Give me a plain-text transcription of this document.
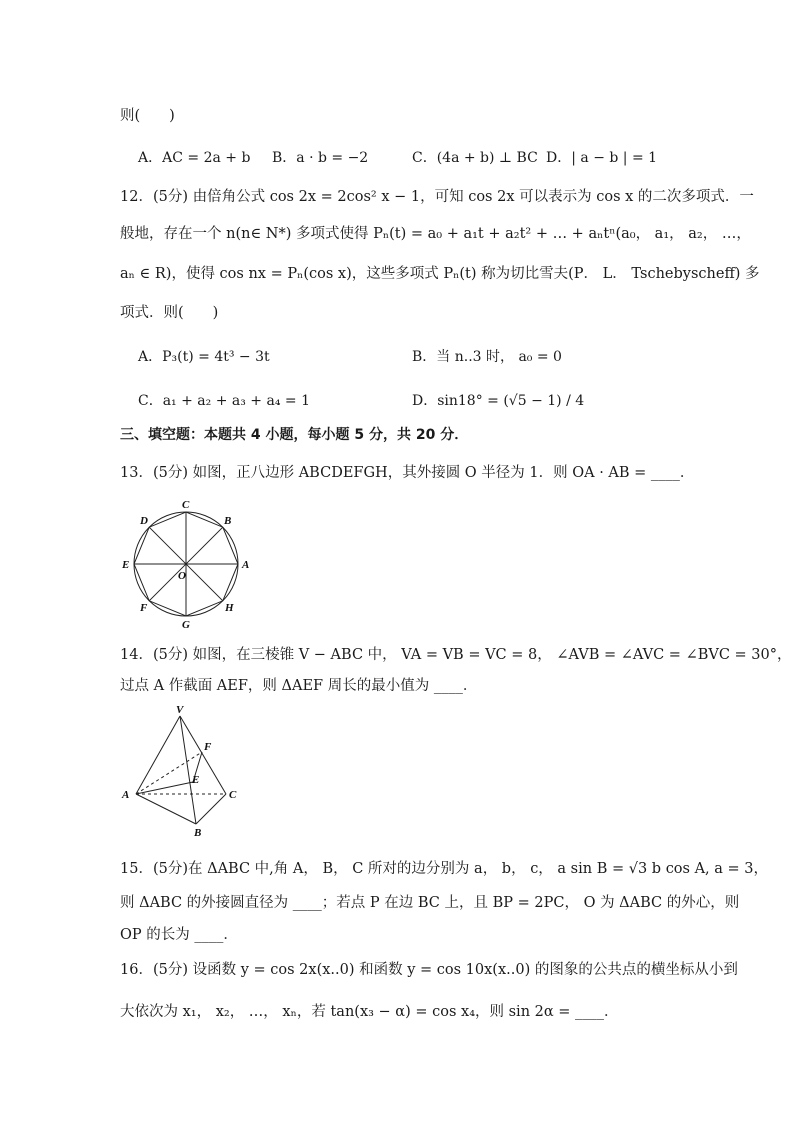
则(　　)
A．AC = 2a + b B．a · b = −2	C．(4a + b) ⊥ BC D．| a − b | = 1
12．(5分) 由倍角公式 cos 2x = 2cos² x − 1，可知 cos 2x 可以表示为 cos x 的二次多项式．一
般地，存在一个 n(n∈ N*) 多项式使得 Pₙ(t) = a₀ + a₁t + a₂t² + … + aₙtⁿ(a₀， a₁， a₂， …，
aₙ ∈ R)，使得 cos nx = Pₙ(cos x)，这些多项式 Pₙ(t) 称为切比雪夫(P． L． Tschebyscheff) 多
项式．则(　　)
A．P₃(t) = 4t³ − 3t	B．当 n..3 时， a₀ = 0
C．a₁ + a₂ + a₃ + a₄ = 1	D．sin18° = (√5 − 1) / 4
三、填空题：本题共 4 小题，每小题 5 分，共 20 分．
13．(5分) 如图，正八边形 ABCDEFGH，其外接圆 O 半径为 1．则 OA · AB = ____．
A
B
C
D
E
F
G
H
O
14．(5分) 如图，在三棱锥 V − ABC 中， VA = VB = VC = 8， ∠AVB = ∠AVC = ∠BVC = 30°，
过点 A 作截面 AEF，则 ΔAEF 周长的最小值为 ____．
V
F
E
A	C
B
15．(5分)在 ΔABC 中,角 A， B， C 所对的边分别为 a， b， c， a sin B = √3 b cos A, a = 3，
则 ΔABC 的外接圆直径为 ____；若点 P 在边 BC 上，且 BP = 2PC， O 为 ΔABC 的外心，则
OP 的长为 ____．
16．(5分) 设函数 y = cos 2x(x..0) 和函数 y = cos 10x(x..0) 的图象的公共点的横坐标从小到
大依次为 x₁， x₂， …， xₙ，若 tan(x₃ − α) = cos x₄，则 sin 2α = ____．
